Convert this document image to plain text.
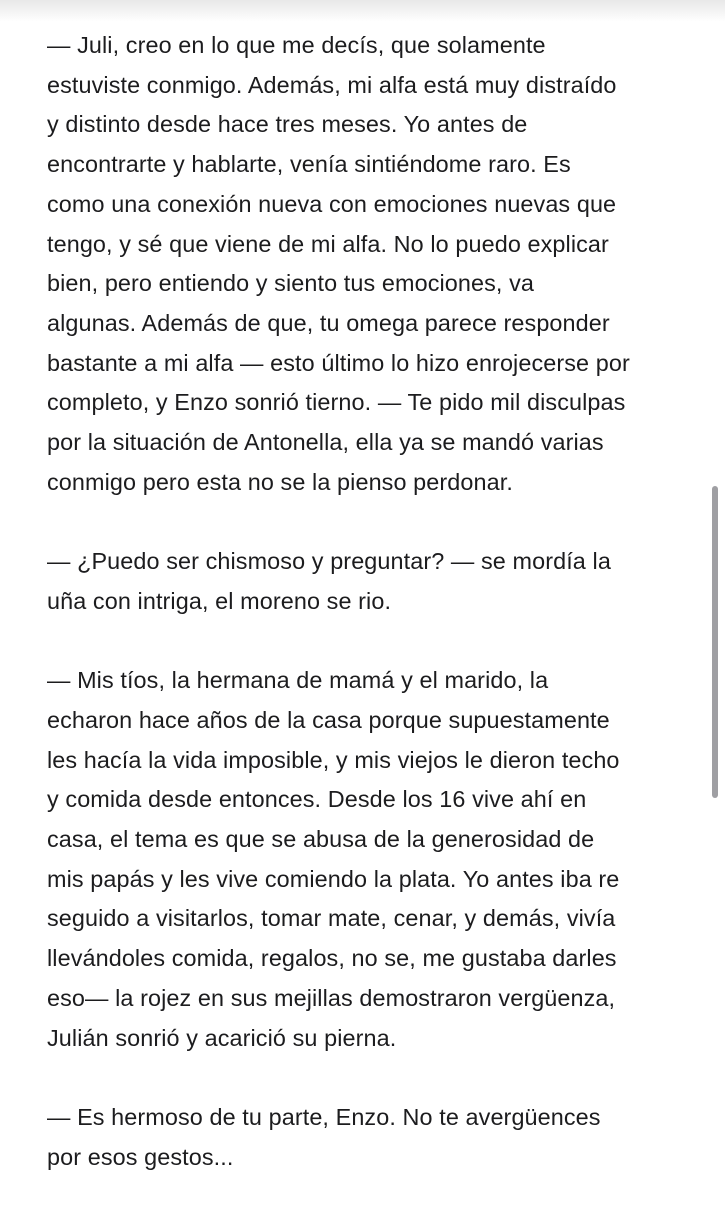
— Juli, creo en lo que me decís, que solamente
estuviste conmigo. Además, mi alfa está muy distraído
y distinto desde hace tres meses. Yo antes de
encontrarte y hablarte, venía sintiéndome raro. Es
como una conexión nueva con emociones nuevas que
tengo, y sé que viene de mi alfa. No lo puedo explicar
bien, pero entiendo y siento tus emociones, va
algunas. Además de que, tu omega parece responder
bastante a mi alfa — esto último lo hizo enrojecerse por
completo, y Enzo sonrió tierno. — Te pido mil disculpas
por la situación de Antonella, ella ya se mandó varias
conmigo pero esta no se la pienso perdonar.

— ¿Puedo ser chismoso y preguntar? — se mordía la
uña con intriga, el moreno se rio.

— Mis tíos, la hermana de mamá y el marido, la
echaron hace años de la casa porque supuestamente
les hacía la vida imposible, y mis viejos le dieron techo
y comida desde entonces. Desde los 16 vive ahí en
casa, el tema es que se abusa de la generosidad de
mis papás y les vive comiendo la plata. Yo antes iba re
seguido a visitarlos, tomar mate, cenar, y demás, vivía
llevándoles comida, regalos, no se, me gustaba darles
eso— la rojez en sus mejillas demostraron vergüenza,
Julián sonrió y acarició su pierna.

— Es hermoso de tu parte, Enzo. No te avergüences
por esos gestos...
